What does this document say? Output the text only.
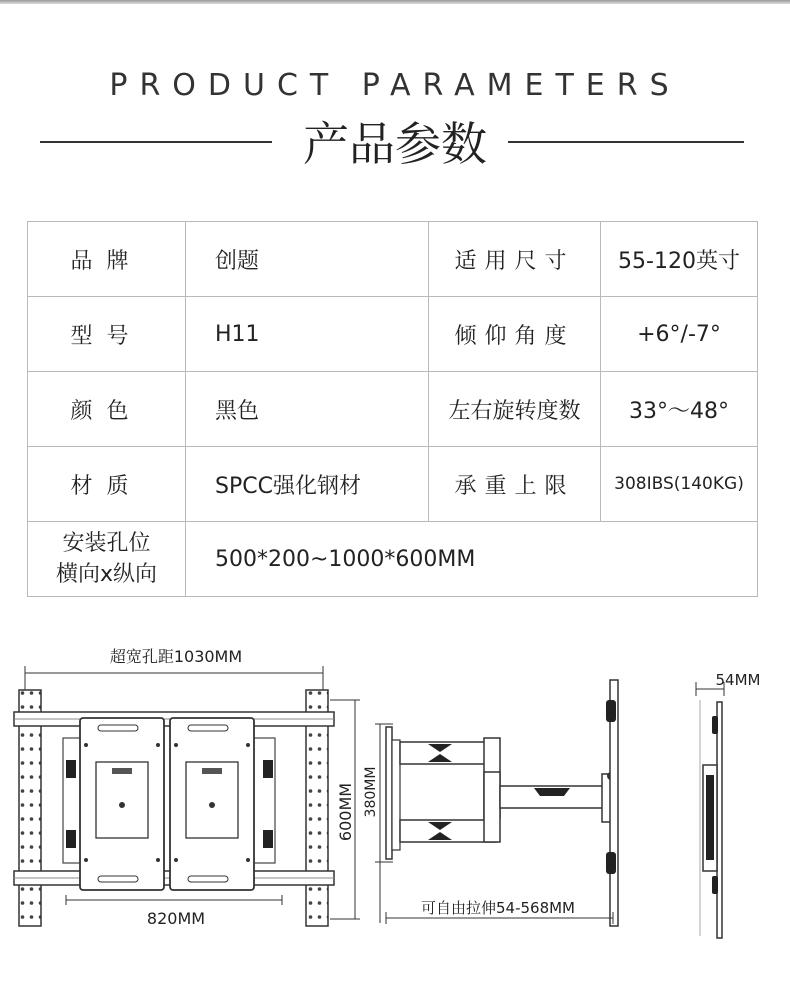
PRODUCT PARAMETERS
产品参数
品牌	创题	适用尺寸	55-120英寸
型号	H11	倾仰角度	+6°/-7°
颜色	黑色	左右旋转度数	33°～48°
材质	SPCC强化钢材	承重上限	308IBS(140KG)

安装孔位
横向x纵向	500*200~1000*600MM		
超宽孔距1030MM
820MM
600MM 380MM
可自由拉伸54-568MM
54MM
